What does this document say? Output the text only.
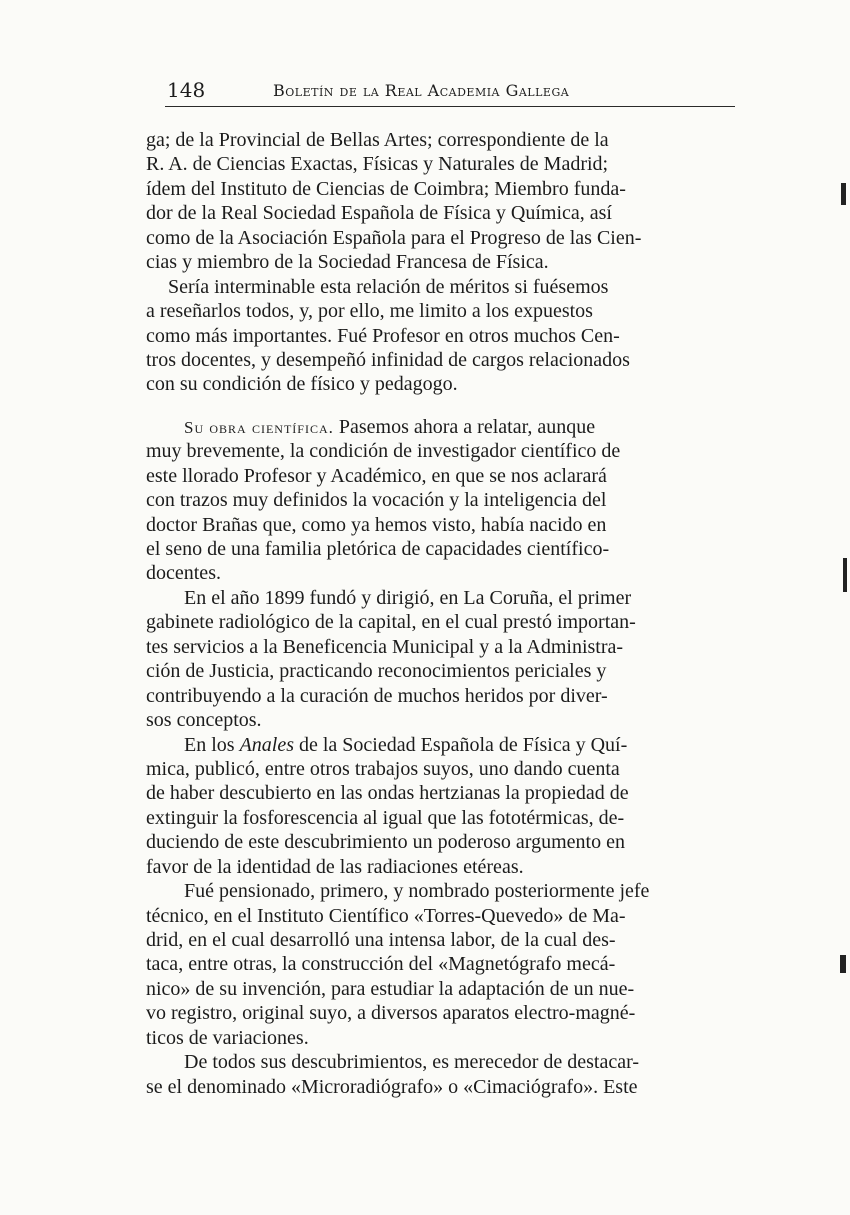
148	Boletín de la Real Academia Gallega
ga; de la Provincial de Bellas Artes; correspondiente de la
R. A. de Ciencias Exactas, Físicas y Naturales de Madrid;
ídem del Instituto de Ciencias de Coimbra; Miembro funda-
dor de la Real Sociedad Española de Física y Química, así
como de la Asociación Española para el Progreso de las Cien-
cias y miembro de la Sociedad Francesa de Física.
Sería interminable esta relación de méritos si fuésemos
a reseñarlos todos, y, por ello, me limito a los expuestos
como más importantes. Fué Profesor en otros muchos Cen-
tros docentes, y desempeñó infinidad de cargos relacionados
con su condición de físico y pedagogo.
Su obra científica. Pasemos ahora a relatar, aunque
muy brevemente, la condición de investigador científico de
este llorado Profesor y Académico, en que se nos aclarará
con trazos muy definidos la vocación y la inteligencia del
doctor Brañas que, como ya hemos visto, había nacido en
el seno de una familia pletórica de capacidades científico-
docentes.
En el año 1899 fundó y dirigió, en La Coruña, el primer
gabinete radiológico de la capital, en el cual prestó importan-
tes servicios a la Beneficencia Municipal y a la Administra-
ción de Justicia, practicando reconocimientos periciales y
contribuyendo a la curación de muchos heridos por diver-
sos conceptos.
En los Anales de la Sociedad Española de Física y Quí-
mica, publicó, entre otros trabajos suyos, uno dando cuenta
de haber descubierto en las ondas hertzianas la propiedad de
extinguir la fosforescencia al igual que las fototérmicas, de-
duciendo de este descubrimiento un poderoso argumento en
favor de la identidad de las radiaciones etéreas.
Fué pensionado, primero, y nombrado posteriormente jefe
técnico, en el Instituto Científico «Torres-Quevedo» de Ma-
drid, en el cual desarrolló una intensa labor, de la cual des-
taca, entre otras, la construcción del «Magnetógrafo mecá-
nico» de su invención, para estudiar la adaptación de un nue-
vo registro, original suyo, a diversos aparatos electro-magné-
ticos de variaciones.
De todos sus descubrimientos, es merecedor de destacar-
se el denominado «Microradiógrafo» o «Cimaciógrafo». Este
